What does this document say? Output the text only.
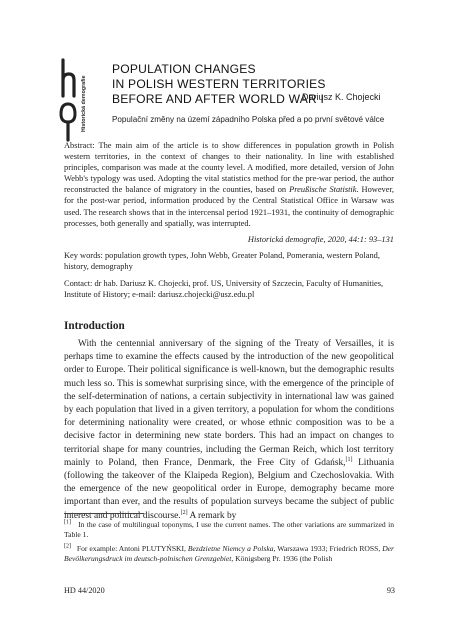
Historická demografie
POPULATION CHANGES
IN POLISH WESTERN TERRITORIES
BEFORE AND AFTER WORLD WAR I
Dariusz K. Chojecki
Populační změny na území západního Polska před a po první světové válce

Abstract: The main aim of the article is to show differences in population growth in Polish western territories, in the context of changes to their nationality. In line with established principles, comparison was made at the county level. A modified, more detailed, version of John Webb's typology was used. Adopting the vital statistics method for the pre-war period, the author reconstructed the balance of migratory in the counties, based on Preußische Statistik. However, for the post-war period, information produced by the Central Statistical Office in Warsaw was used. The research shows that in the intercensal period 1921–1931, the continuity of demographic processes, both generally and spatially, was interrupted.

Historická demografie, 2020, 44:1: 93–131
Key words: population growth types, John Webb, Greater Poland, Pomerania, western Poland, history, demography
Contact: dr hab. Dariusz K. Chojecki, prof. US, University of Szczecin, Faculty of Humanities, Institute of History; e-mail: dariusz.chojecki@usz.edu.pl
Introduction

With the centennial anniversary of the signing of the Treaty of Versailles, it is perhaps time to examine the effects caused by the introduction of the new geopolitical order to Europe. Their political significance is well-known, but the demographic results much less so. This is somewhat surprising since, with the emergence of the principle of the self-determination of nations, a certain subjectivity in international law was gained by each population that lived in a given territory, a population for whom the conditions for determining nationality were created, or whose ethnic composition was to be a decisive factor in determining new state borders. This had an impact on changes to territorial shape for many countries, including the German Reich, which lost territory mainly to Poland, then France, Denmark, the Free City of Gdańsk,[1] Lithuania (following the takeover of the Klaipeda Region), Belgium and Czechoslovakia. With the emergence of the new geopolitical order in Europe, demography became more important than ever, and the results of population surveys became the subject of public interest and political discourse.[2] A remark by

[1] In the case of multilingual toponyms, I use the current names. The other variations are summarized in Table 1.
[2] For example: Antoni PLUTYŃSKI, Bezdzietne Niemcy a Polska, Warszawa 1933; Friedrich ROSS, Der Bevölkerungsdruck im deutsch-polnischen Grenzgebiet, Königsberg Pr. 1936 (the Polish
HD 44/2020	93
